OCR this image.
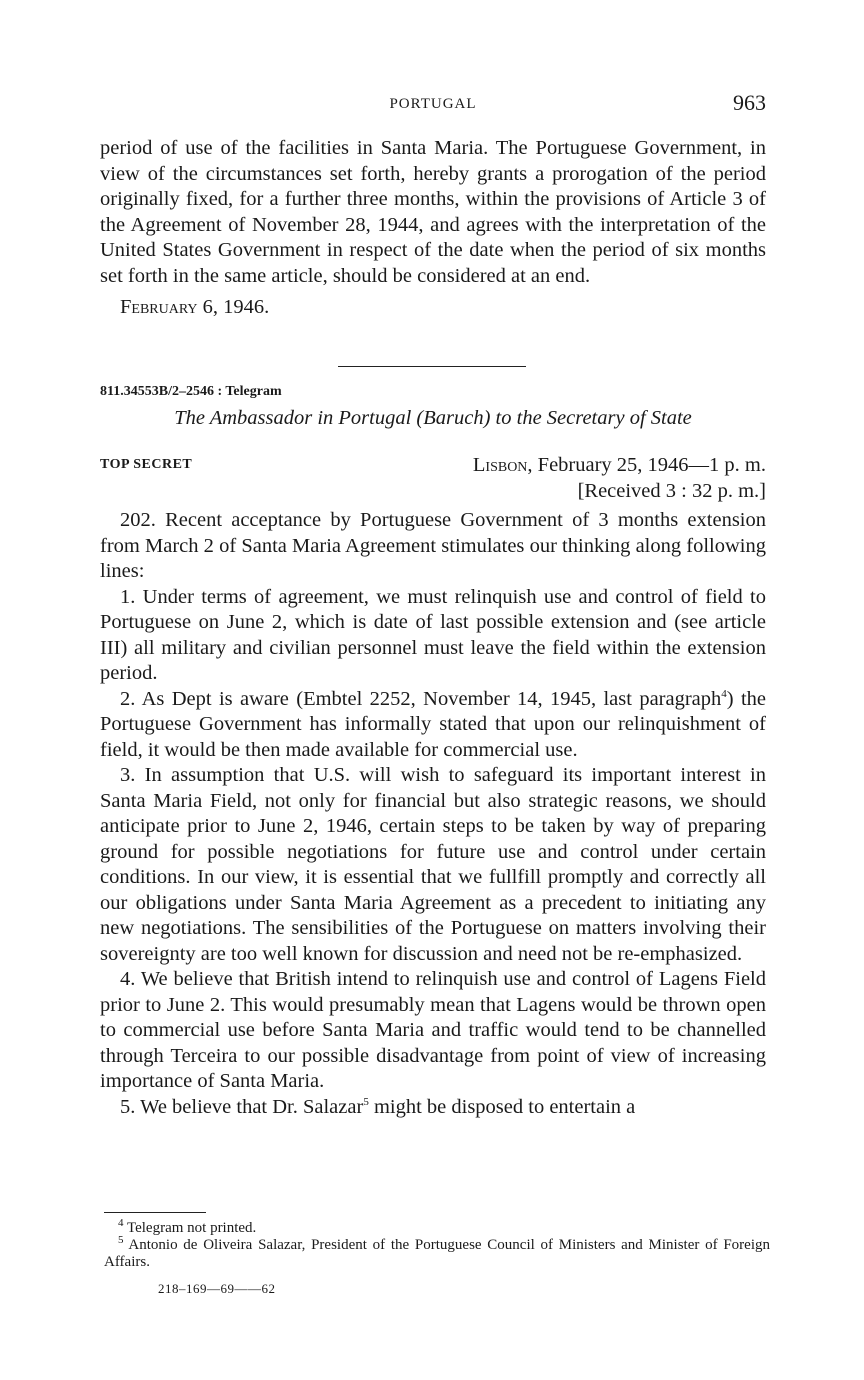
PORTUGAL	963

period of use of the facilities in Santa Maria. The Portuguese Government, in view of the circumstances set forth, hereby grants a prorogation of the period originally fixed, for a further three months, within the provisions of Article 3 of the Agreement of November 28, 1944, and agrees with the interpretation of the United States Government in respect of the date when the period of six months set forth in the same article, should be considered at an end.

February 6, 1946.

811.34553B/2–2546 : Telegram
The Ambassador in Portugal (Baruch) to the Secretary of State
TOP SECRET	Lisbon, February 25, 1946—1 p. m.
[Received 3 : 32 p. m.]

202. Recent acceptance by Portuguese Government of 3 months extension from March 2 of Santa Maria Agreement stimulates our thinking along following lines:

1. Under terms of agreement, we must relinquish use and control of field to Portuguese on June 2, which is date of last possible extension and (see article III) all military and civilian personnel must leave the field within the extension period.

2. As Dept is aware (Embtel 2252, November 14, 1945, last paragraph$^4$) the Portuguese Government has informally stated that upon our relinquishment of field, it would be then made available for commercial use.

3. In assumption that U.S. will wish to safeguard its important interest in Santa Maria Field, not only for financial but also strategic reasons, we should anticipate prior to June 2, 1946, certain steps to be taken by way of preparing ground for possible negotiations for future use and control under certain conditions. In our view, it is essential that we fullfill promptly and correctly all our obligations under Santa Maria Agreement as a precedent to initiating any new negotiations. The sensibilities of the Portuguese on matters involving their sovereignty are too well known for discussion and need not be re-emphasized.

4. We believe that British intend to relinquish use and control of Lagens Field prior to June 2. This would presumably mean that Lagens would be thrown open to commercial use before Santa Maria and traffic would tend to be channelled through Terceira to our possible disadvantage from point of view of increasing importance of Santa Maria.

5. We believe that Dr. Salazar$^5$ might be disposed to entertain a

$^4$ Telegram not printed.

$^5$ Antonio de Oliveira Salazar, President of the Portuguese Council of Ministers and Minister of Foreign Affairs.

218–169—69——62
